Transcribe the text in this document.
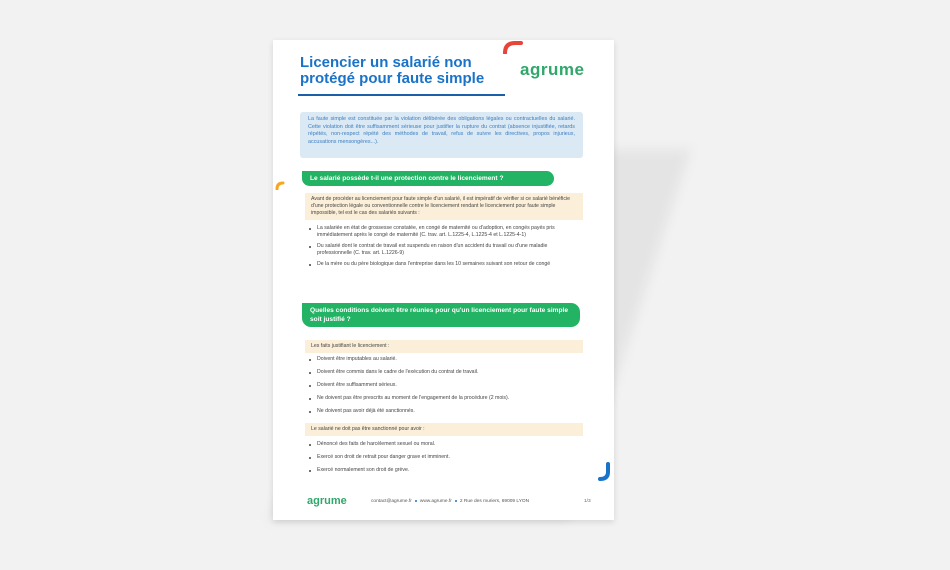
Licencier un salarié non protégé pour faute simple	agrume
La faute simple est constituée par la violation délibérée des obligations légales ou contractuelles du salarié. Cette violation doit être suffisamment sérieuse pour justifier la rupture du contrat (absence injustifiée, retards répétés, non-respect répété des méthodes de travail, refus de suivre les directives, propos injurieux, accusations mensongères...).
Le salarié possède t-il une protection contre le licenciement ?
Avant de procéder au licenciement pour faute simple d'un salarié, il est impératif de vérifier si ce salarié bénéficie d'une protection légale ou conventionnelle contre le licenciement rendant le licenciement pour faute simple impossible, tel est le cas des salariés suivants :
La salariée en état de grossesse constatée, en congé de maternité ou d'adoption, en congés payés pris immédiatement après le congé de maternité (C. trav. art. L.1225-4, L.1225-4 et L.1225-4-1)
Du salarié dont le contrat de travail est suspendu en raison d'un accident du travail ou d'une maladie professionnelle (C. trav. art. L.1226-9)
De la mère ou du père biologique dans l'entreprise dans les 10 semaines suivant son retour de congé
Quelles conditions doivent être réunies pour qu'un licenciement pour faute simple soit justifié ?
Les faits justifiant le licenciement :
Doivent être imputables au salarié.
Doivent être commis dans le cadre de l'exécution du contrat de travail.
Doivent être suffisamment sérieux.
Ne doivent pas être prescrits au moment de l'engagement de la procédure (2 mois).
Ne doivent pas avoir déjà été sanctionnés.
Le salarié ne doit pas être sanctionné pour avoir :
Dénoncé des faits de harcèlement sexuel ou moral.
Exercé son droit de retrait pour danger grave et imminent.
Exercé normalement son droit de grève.
agrume	contact@agrume.fr www.agrume.fr 2 Rue des muriers, 69009 LYON	1/3
